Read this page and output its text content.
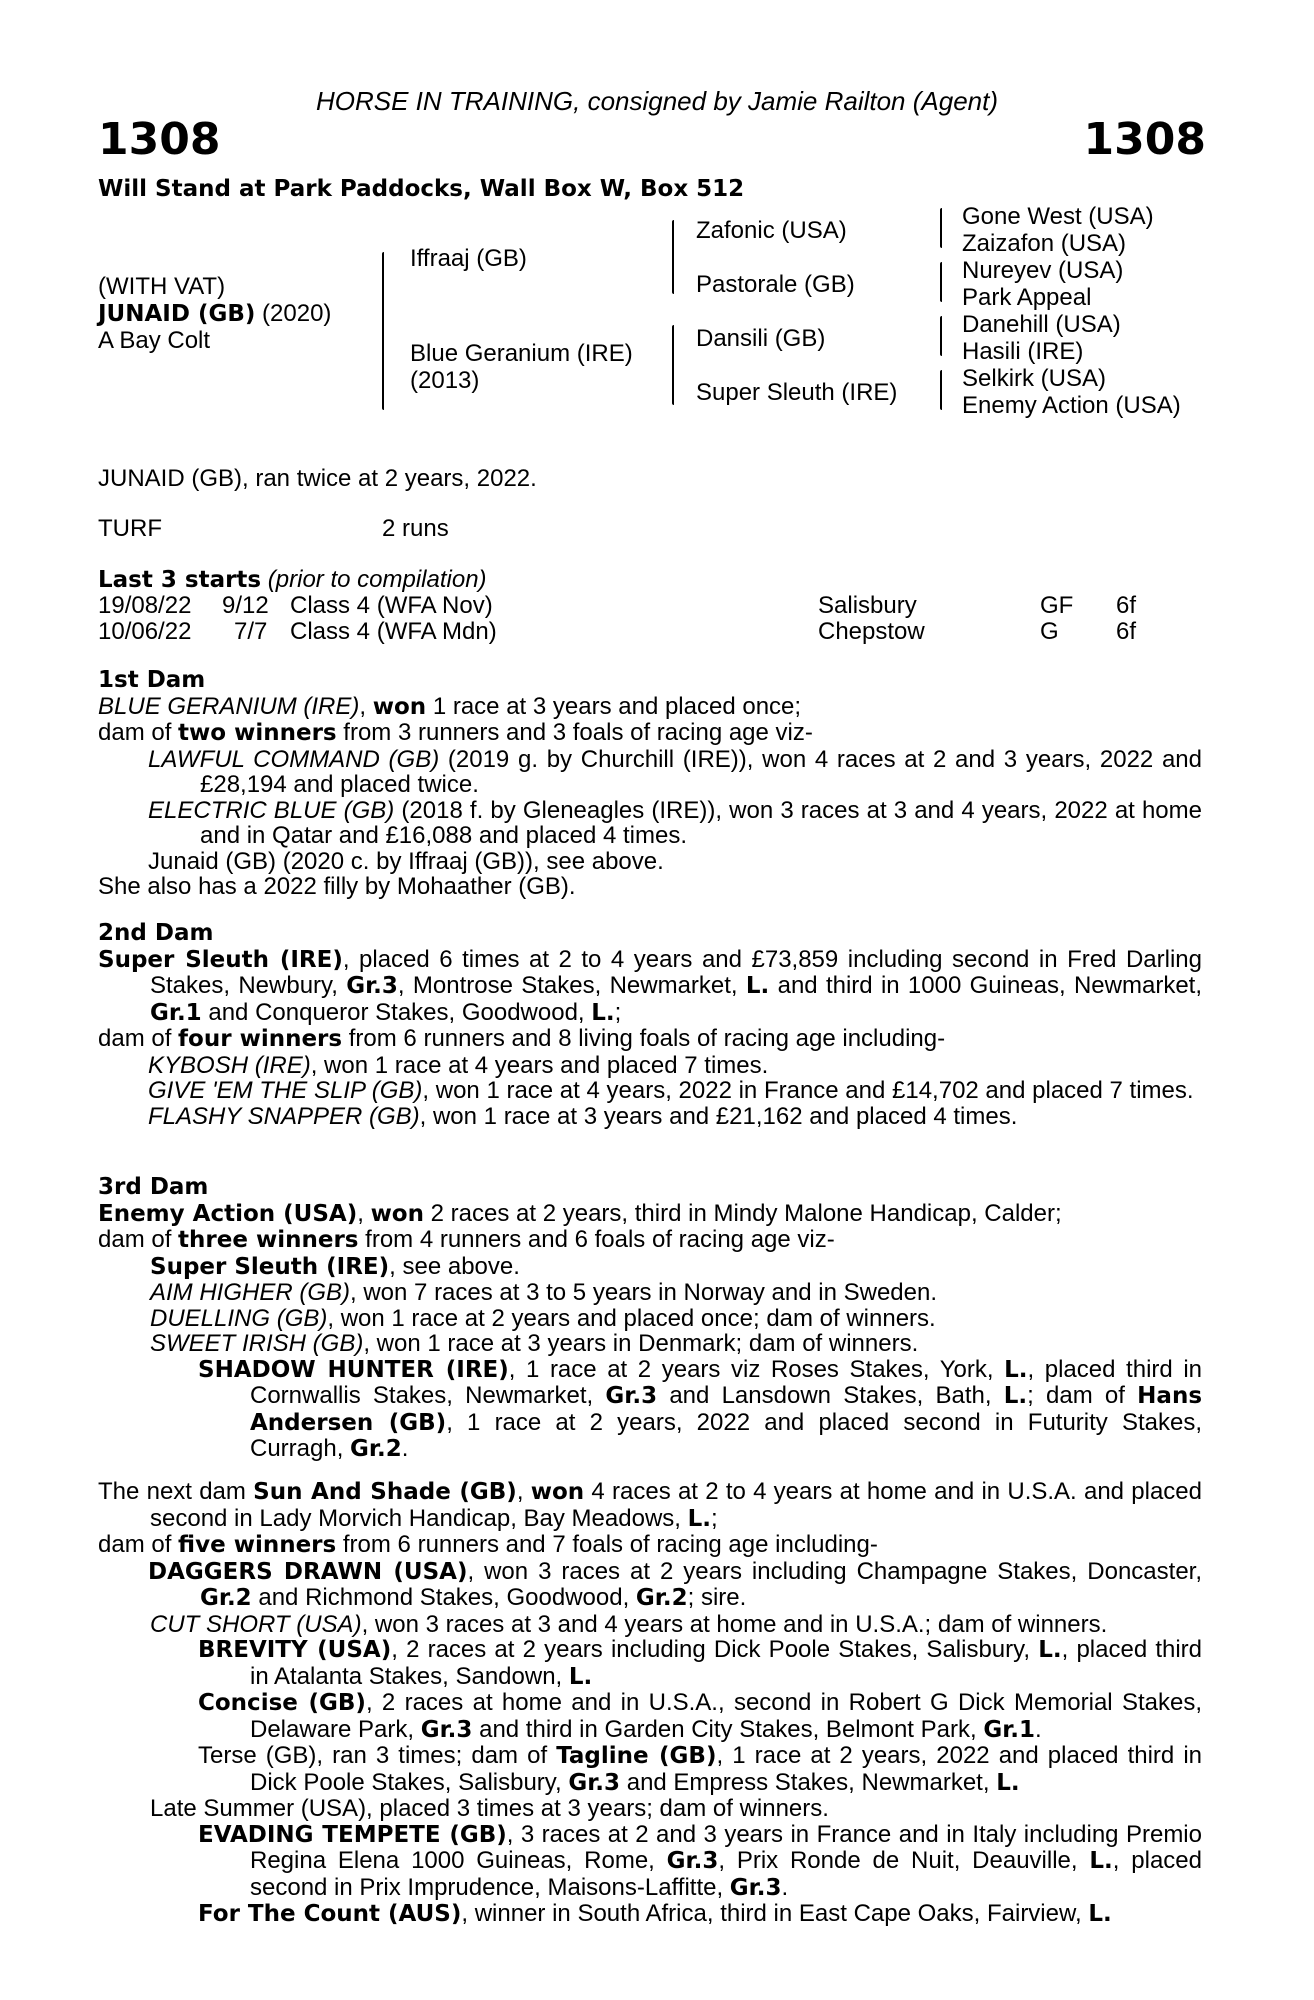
HORSE IN TRAINING, consigned by Jamie Railton (Agent)
1308	1308
Will Stand at Park Paddocks, Wall Box W, Box 512
(WITH VAT)
JUNAID (GB) (2020)
A Bay Colt
Iffraaj (GB)
Blue Geranium (IRE)
(2013)
Zafonic (USA)
Pastorale (GB)
Dansili (GB)
Super Sleuth (IRE)
Gone West (USA)
Zaizafon (USA)
Nureyev (USA)
Park Appeal
Danehill (USA)
Hasili (IRE)
Selkirk (USA)
Enemy Action (USA)
JUNAID (GB), ran twice at 2 years, 2022.
TURF	2 runs
Last 3 starts (prior to compilation)
19/08/22 9/12 Class 4 (WFA Nov)	Salisbury	GF 6f
10/06/22 7/7 Class 4 (WFA Mdn)	Chepstow	G 6f

1st Dam

BLUE GERANIUM (IRE), won 1 race at 3 years and placed once;

dam of two winners from 3 runners and 3 foals of racing age viz-

LAWFUL COMMAND (GB) (2019 g. by Churchill (IRE)), won 4 races at 2 and 3 years, 2022 and £28,194 and placed twice.

ELECTRIC BLUE (GB) (2018 f. by Gleneagles (IRE)), won 3 races at 3 and 4 years, 2022 at home and in Qatar and £16,088 and placed 4 times.

Junaid (GB) (2020 c. by Iffraaj (GB)), see above.

She also has a 2022 filly by Mohaather (GB).

2nd Dam

Super Sleuth (IRE), placed 6 times at 2 to 4 years and £73,859 including second in Fred Darling Stakes, Newbury, Gr.3, Montrose Stakes, Newmarket, L. and third in 1000 Guineas, Newmarket, Gr.1 and Conqueror Stakes, Goodwood, L.;

dam of four winners from 6 runners and 8 living foals of racing age including-

KYBOSH (IRE), won 1 race at 4 years and placed 7 times.

GIVE 'EM THE SLIP (GB), won 1 race at 4 years, 2022 in France and £14,702 and placed 7 times.

FLASHY SNAPPER (GB), won 1 race at 3 years and £21,162 and placed 4 times.

3rd Dam

Enemy Action (USA), won 2 races at 2 years, third in Mindy Malone Handicap, Calder;

dam of three winners from 4 runners and 6 foals of racing age viz-

Super Sleuth (IRE), see above.

AIM HIGHER (GB), won 7 races at 3 to 5 years in Norway and in Sweden.

DUELLING (GB), won 1 race at 2 years and placed once; dam of winners.

SWEET IRISH (GB), won 1 race at 3 years in Denmark; dam of winners.

SHADOW HUNTER (IRE), 1 race at 2 years viz Roses Stakes, York, L., placed third in Cornwallis Stakes, Newmarket, Gr.3 and Lansdown Stakes, Bath, L.; dam of Hans Andersen (GB), 1 race at 2 years, 2022 and placed second in Futurity Stakes, Curragh, Gr.2.

The next dam Sun And Shade (GB), won 4 races at 2 to 4 years at home and in U.S.A. and placed second in Lady Morvich Handicap, Bay Meadows, L.;

dam of five winners from 6 runners and 7 foals of racing age including-

DAGGERS DRAWN (USA), won 3 races at 2 years including Champagne Stakes, Doncaster, Gr.2 and Richmond Stakes, Goodwood, Gr.2; sire.

CUT SHORT (USA), won 3 races at 3 and 4 years at home and in U.S.A.; dam of winners.

BREVITY (USA), 2 races at 2 years including Dick Poole Stakes, Salisbury, L., placed third in Atalanta Stakes, Sandown, L.

Concise (GB), 2 races at home and in U.S.A., second in Robert G Dick Memorial Stakes, Delaware Park, Gr.3 and third in Garden City Stakes, Belmont Park, Gr.1.

Terse (GB), ran 3 times; dam of Tagline (GB), 1 race at 2 years, 2022 and placed third in Dick Poole Stakes, Salisbury, Gr.3 and Empress Stakes, Newmarket, L.

Late Summer (USA), placed 3 times at 3 years; dam of winners.

EVADING TEMPETE (GB), 3 races at 2 and 3 years in France and in Italy including Premio Regina Elena 1000 Guineas, Rome, Gr.3, Prix Ronde de Nuit, Deauville, L., placed second in Prix Imprudence, Maisons-Laffitte, Gr.3.

For The Count (AUS), winner in South Africa, third in East Cape Oaks, Fairview, L.
